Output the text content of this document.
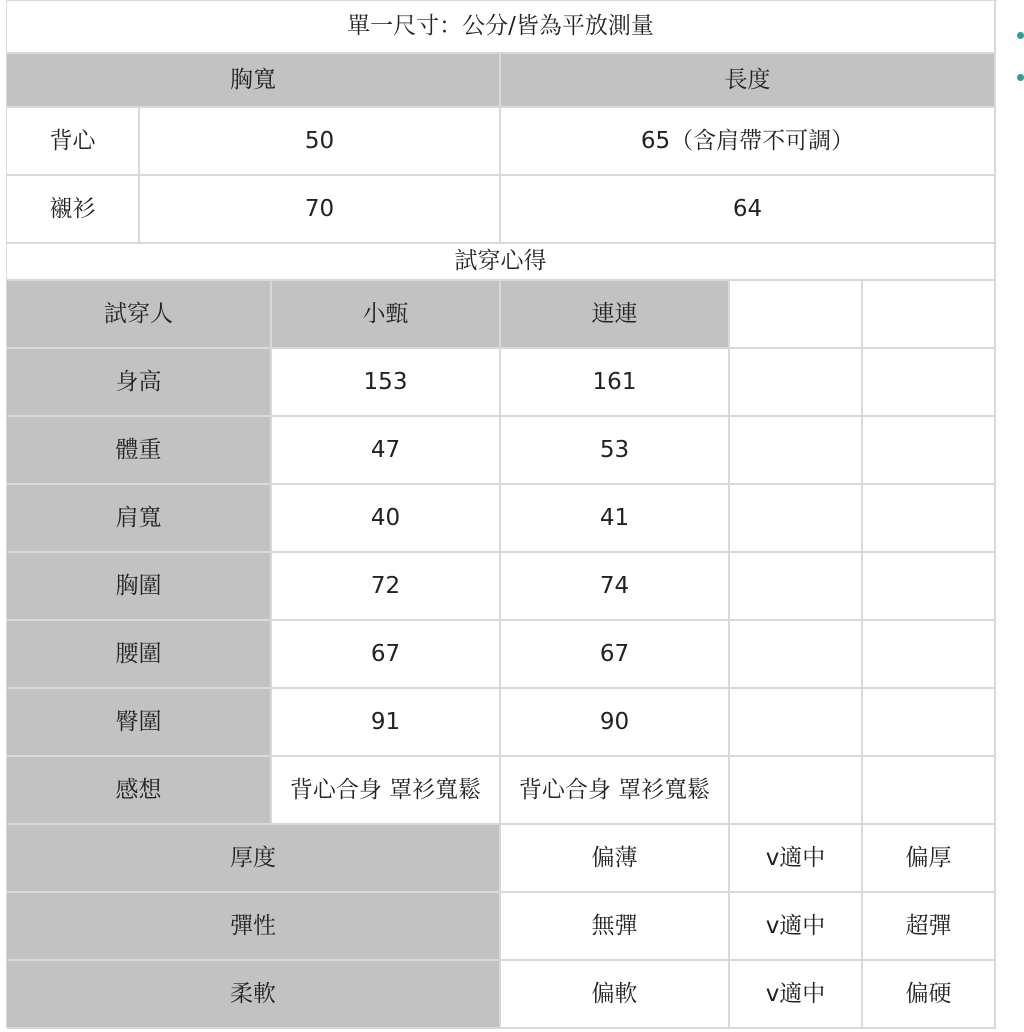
單一尺寸：公分/皆為平放測量
胸寬	長度
背心	50	65（含肩帶不可調）
襯衫	70	64
試穿心得
試穿人	小甄	連連
身高	153	161
體重	47	53
肩寬	40	41
胸圍	72	74
腰圍	67	67
臀圍	91	90
感想	背心合身 罩衫寬鬆	背心合身 罩衫寬鬆
厚度	偏薄	v適中	偏厚
彈性	無彈	v適中	超彈
柔軟	偏軟	v適中	偏硬
